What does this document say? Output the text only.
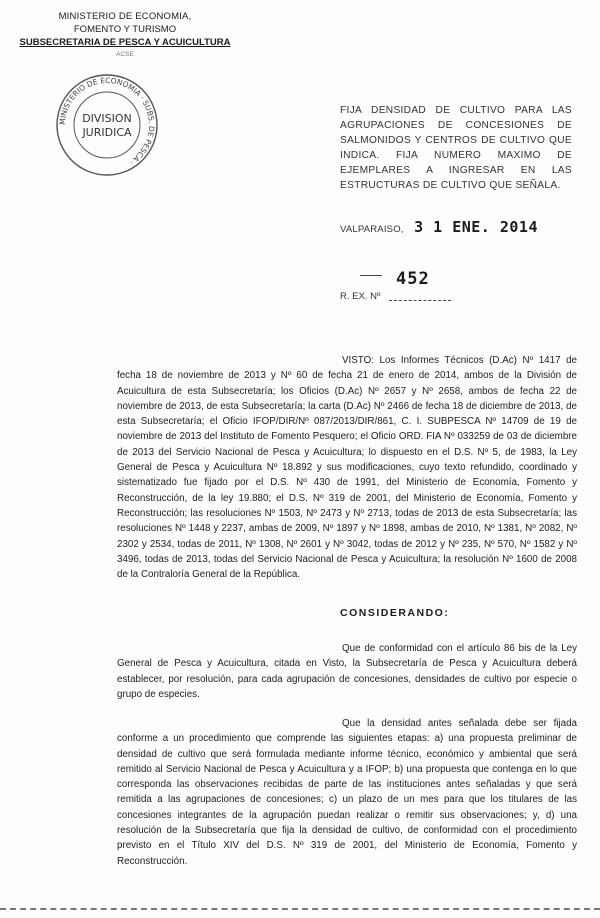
MINISTERIO DE ECONOMIA,
FOMENTO Y TURISMO
SUBSECRETARIA DE PESCA Y ACUICULTURA
ACSE
MINISTERIO DE ECONOMIA · SUBS. DE PESCA ·
DIVISION
JURIDICA
FIJA DENSIDAD DE CULTIVO PARA LAS AGRUPACIONES DE CONCESIONES DE SALMONIDOS Y CENTROS DE CULTIVO QUE INDICA. FIJA NUMERO MAXIMO DE EJEMPLARES A INGRESAR EN LAS ESTRUCTURAS DE CULTIVO QUE SEÑALA.
VALPARAISO, 3 1 ENE. 2014
452
R. EX. Nº
VISTO: Los Informes Técnicos (D.Ac) Nº 1417 de fecha 18 de noviembre de 2013 y Nº 60 de fecha 21 de enero de 2014, ambos de la División de Acuicultura de esta Subsecretaría; los Oficios (D.Ac) Nº 2657 y Nº 2658, ambos de fecha 22 de noviembre de 2013, de esta Subsecretaría; la carta (D.Ac) Nº 2466 de fecha 18 de diciembre de 2013, de esta Subsecretaría; el Oficio IFOP/DIR/Nº 087/2013/DIR/861, C. I. SUBPESCA Nº 14709 de 19 de noviembre de 2013 del Instituto de Fomento Pesquero; el Oficio ORD. FIA Nº 033259 de 03 de diciembre de 2013 del Servicio Nacional de Pesca y Acuicultura; lo dispuesto en el D.S. Nº 5, de 1983, la Ley General de Pesca y Acuicultura Nº 18.892 y sus modificaciones, cuyo texto refundido, coordinado y sistematizado fue fijado por el D.S. Nº 430 de 1991, del Ministerio de Economía, Fomento y Reconstrucción, de la ley 19.880; el D.S. Nº 319 de 2001, del Ministerio de Economía, Fomento y Reconstrucción; las resoluciones Nº 1503, Nº 2473 y Nº 2713, todas de 2013 de esta Subsecretaría; las resoluciones Nº 1448 y 2237, ambas de 2009, Nº 1897 y Nº 1898, ambas de 2010, Nº 1381, Nº 2082, Nº 2302 y 2534, todas de 2011, Nº 1308, Nº 2601 y Nº 3042, todas de 2012 y Nº 235, Nº 570, Nº 1582 y Nº 3496, todas de 2013, todas del Servicio Nacional de Pesca y Acuicultura; la resolución Nº 1600 de 2008 de la Contraloría General de la República.
CONSIDERANDO:
Que de conformidad con el artículo 86 bis de la Ley General de Pesca y Acuicultura, citada en Visto, la Subsecretaría de Pesca y Acuicultura deberá establecer, por resolución, para cada agrupación de concesiones, densidades de cultivo por especie o grupo de especies.
Que la densidad antes señalada debe ser fijada conforme a un procedimiento que comprende las siguientes etapas: a) una propuesta preliminar de densidad de cultivo que será formulada mediante informe técnico, económico y ambiental que será remitido al Servicio Nacional de Pesca y Acuicultura y a IFOP; b) una propuesta que contenga en lo que corresponda las observaciones recibidas de parte de las instituciones antes señaladas y que será remitida a las agrupaciones de concesiones; c) un plazo de un mes para que los titulares de las concesiones integrantes de la agrupación puedan realizar o remitir sus observaciones; y, d) una resolución de la Subsecretaría que fija la densidad de cultivo, de conformidad con el procedimiento previsto en el Título XIV del D.S. Nº 319 de 2001, del Ministerio de Economía, Fomento y Reconstrucción.
